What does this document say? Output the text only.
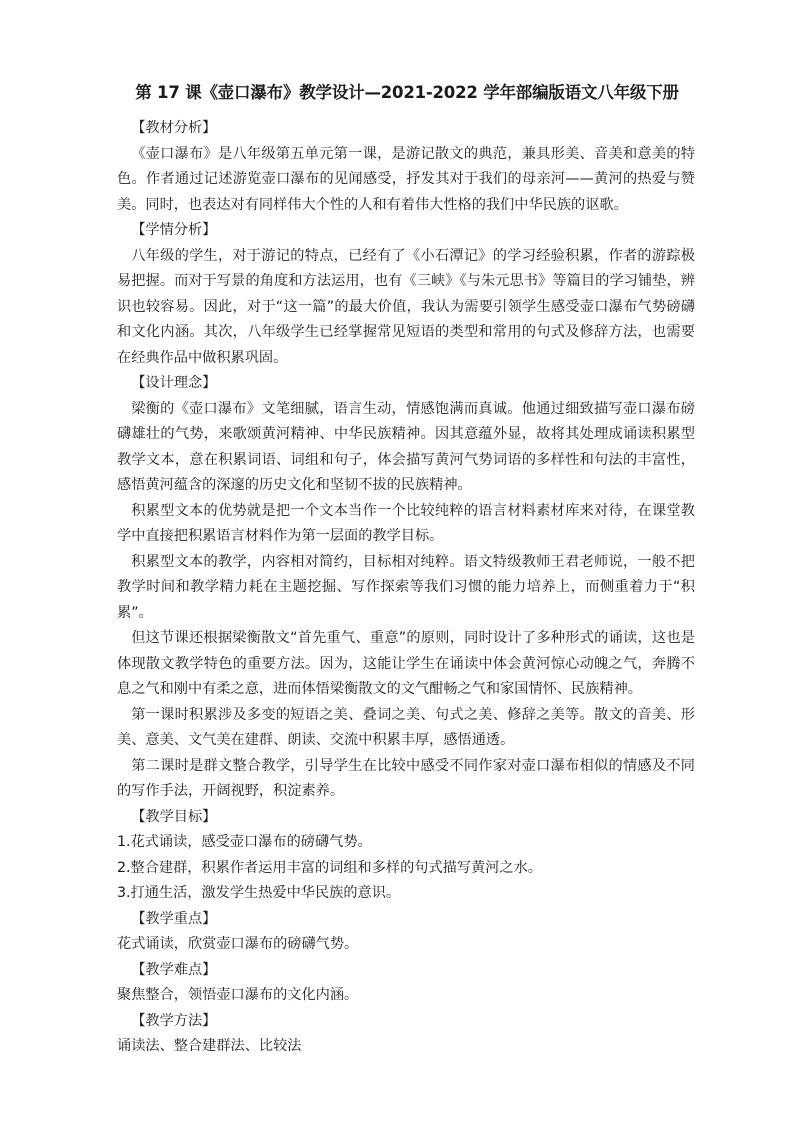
第 17 课《壶口瀑布》教学设计—2021-2022 学年部编版语文八年级下册

【教材分析】

《壶口瀑布》是八年级第五单元第一课，是游记散文的典范，兼具形美、音美和意美的特色。作者通过记述游览壶口瀑布的见闻感受，抒发其对于我们的母亲河——黄河的热爱与赞美。同时，也表达对有同样伟大个性的人和有着伟大性格的我们中华民族的讴歌。

【学情分析】

八年级的学生，对于游记的特点，已经有了《小石潭记》的学习经验积累，作者的游踪极易把握。而对于写景的角度和方法运用，也有《三峡》《与朱元思书》等篇目的学习铺垫，辨识也较容易。因此，对于“这一篇”的最大价值，我认为需要引领学生感受壶口瀑布气势磅礴和文化内涵。其次，八年级学生已经掌握常见短语的类型和常用的句式及修辞方法，也需要在经典作品中做积累巩固。

【设计理念】

梁衡的《壶口瀑布》文笔细腻，语言生动，情感饱满而真诚。他通过细致描写壶口瀑布磅礴雄壮的气势，来歌颂黄河精神、中华民族精神。因其意蕴外显，故将其处理成诵读积累型教学文本，意在积累词语、词组和句子，体会描写黄河气势词语的多样性和句法的丰富性，感悟黄河蕴含的深邃的历史文化和坚韧不拔的民族精神。

积累型文本的优势就是把一个文本当作一个比较纯粹的语言材料素材库来对待，在课堂教学中直接把积累语言材料作为第一层面的教学目标。

积累型文本的教学，内容相对简约，目标相对纯粹。语文特级教师王君老师说，一般不把教学时间和教学精力耗在主题挖掘、写作探索等我们习惯的能力培养上，而侧重着力于“积累”。

但这节课还根据梁衡散文“首先重气、重意”的原则，同时设计了多种形式的诵读，这也是体现散文教学特色的重要方法。因为，这能让学生在诵读中体会黄河惊心动魄之气，奔腾不息之气和刚中有柔之意，进而体悟梁衡散文的文气酣畅之气和家国情怀、民族精神。

第一课时积累涉及多变的短语之美、叠词之美、句式之美、修辞之美等。散文的音美、形美、意美、文气美在建群、朗读、交流中积累丰厚，感悟通透。

第二课时是群文整合教学，引导学生在比较中感受不同作家对壶口瀑布相似的情感及不同的写作手法，开阔视野，积淀素养。

【教学目标】

1.花式诵读，感受壶口瀑布的磅礴气势。

2.整合建群，积累作者运用丰富的词组和多样的句式描写黄河之水。

3.打通生活，激发学生热爱中华民族的意识。

【教学重点】

花式诵读，欣赏壶口瀑布的磅礴气势。

【教学难点】

聚焦整合，领悟壶口瀑布的文化内涵。

【教学方法】

诵读法、整合建群法、比较法
